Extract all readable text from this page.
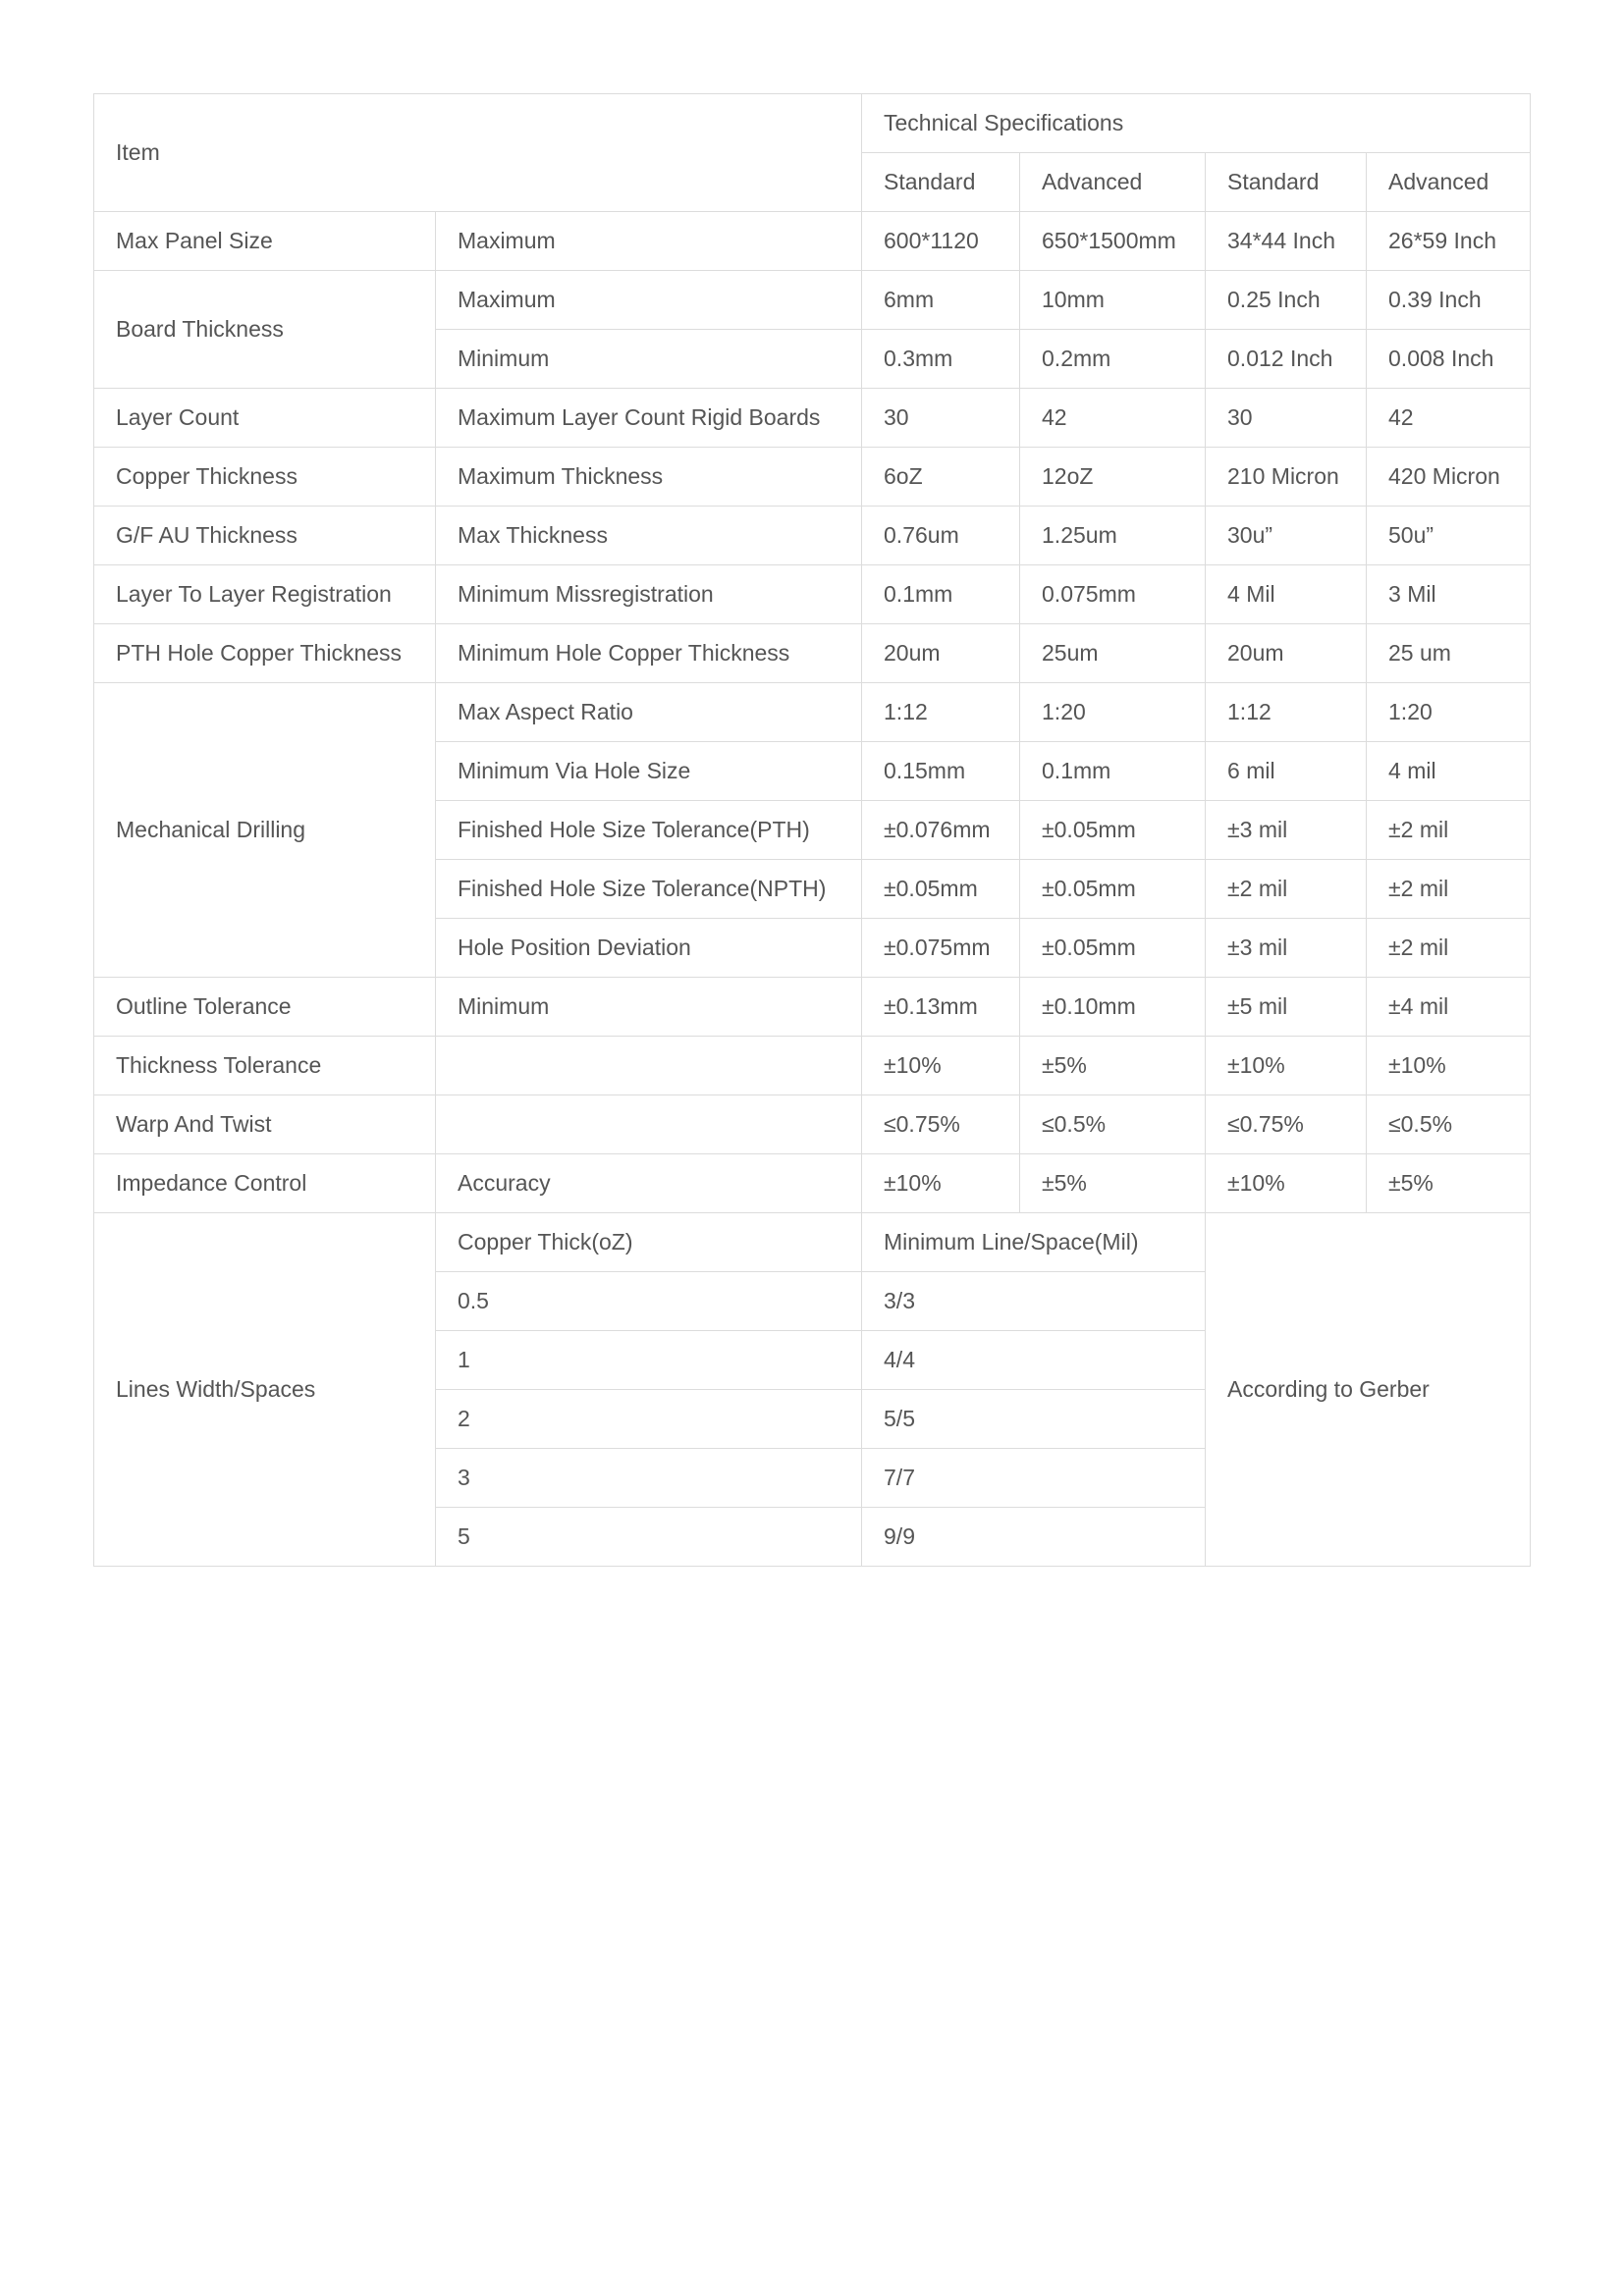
Item		Technical Specifications			
		Standard	Advanced	Standard	Advanced
Max Panel Size	Maximum	600*1120	650*1500mm	34*44 Inch	26*59 Inch
Board Thickness	Maximum	6mm	10mm	0.25 Inch	0.39 Inch
	Minimum	0.3mm	0.2mm	0.012 Inch	0.008 Inch
Layer Count	Maximum Layer Count Rigid Boards	30	42	30	42
Copper Thickness	Maximum Thickness	6oZ	12oZ	210 Micron	420 Micron
G/F AU Thickness	Max Thickness	0.76um	1.25um	30u”	50u”
Layer To Layer Registration	Minimum Missregistration	0.1mm	0.075mm	4 Mil	3 Mil
PTH Hole Copper Thickness	Minimum Hole Copper Thickness	20um	25um	20um	25 um
Mechanical Drilling	Max Aspect Ratio	1:12	1:20	1:12	1:20
	Minimum Via Hole Size	0.15mm	0.1mm	6 mil	4 mil
	Finished Hole Size Tolerance(PTH)	±0.076mm	±0.05mm	±3 mil	±2 mil
	Finished Hole Size Tolerance(NPTH)	±0.05mm	±0.05mm	±2 mil	±2 mil
	Hole Position Deviation	±0.075mm	±0.05mm	±3 mil	±2 mil
Outline Tolerance	Minimum	±0.13mm	±0.10mm	±5 mil	±4 mil
Thickness Tolerance		±10%	±5%	±10%	±10%
Warp And Twist		≤0.75%	≤0.5%	≤0.75%	≤0.5%
Impedance Control	Accuracy	±10%	±5%	±10%	±5%
Lines Width/Spaces	Copper Thick(oZ)	Minimum Line/Space(Mil)		According to Gerber	
	0.5	3/3			
	1	4/4			
	2	5/5			
	3	7/7			
	5	9/9			
